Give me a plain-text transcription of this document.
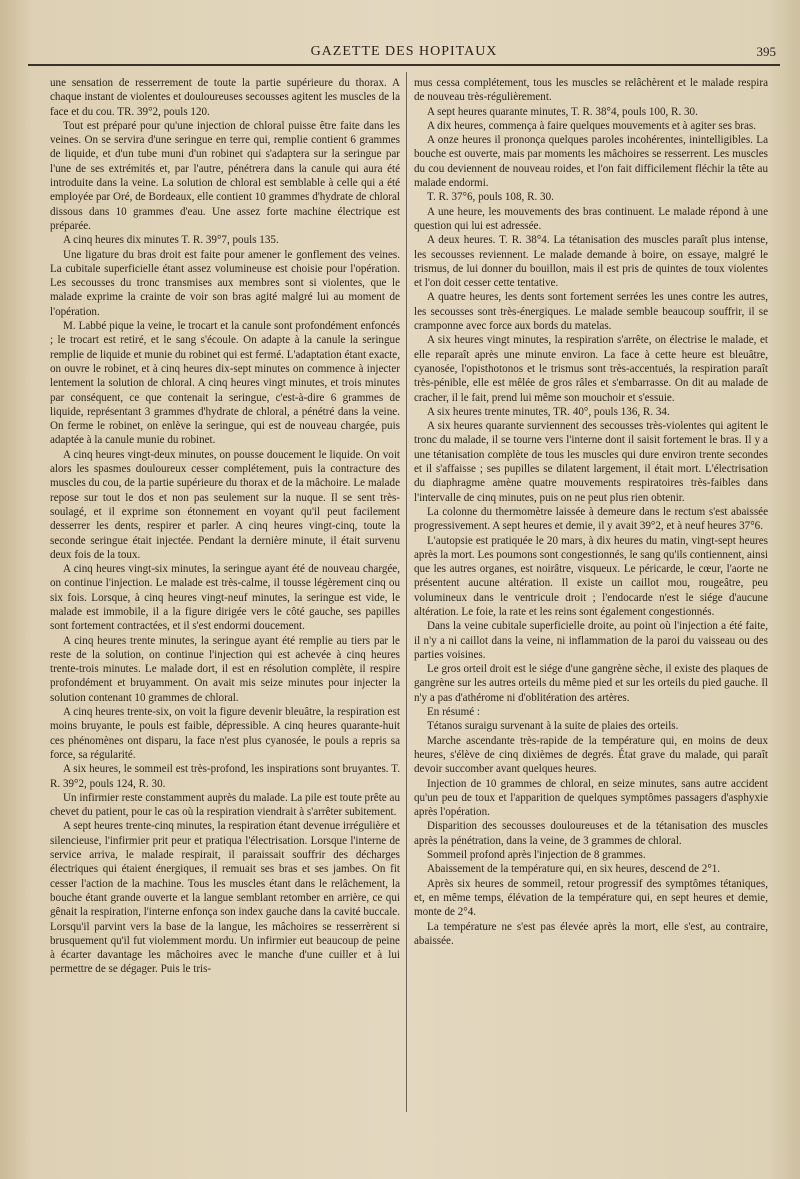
GAZETTE DES HOPITAUX	395

une sensation de resserrement de toute la partie supérieure du thorax. A chaque instant de violentes et douloureuses secousses agitent les muscles de la face et du cou. TR. 39°2, pouls 120.

Tout est préparé pour qu'une injection de chloral puisse être faite dans les veines. On se servira d'une seringue en terre qui, remplie contient 6 grammes de liquide, et d'un tube muni d'un robinet qui s'adaptera sur la seringue par l'une de ses extrémités et, par l'autre, pénétrera dans la canule qui aura été introduite dans la veine. La solution de chloral est semblable à celle qui a été employée par Oré, de Bordeaux, elle contient 10 grammes d'hydrate de chloral dissous dans 10 grammes d'eau. Une assez forte machine électrique est préparée.

A cinq heures dix minutes T. R. 39°7, pouls 135.

Une ligature du bras droit est faite pour amener le gonflement des veines. La cubitale superficielle étant assez volumineuse est choisie pour l'opération. Les secousses du tronc transmises aux membres sont si violentes, que le malade exprime la crainte de voir son bras agité malgré lui au moment de l'opération.

M. Labbé pique la veine, le trocart et la canule sont profondément enfoncés ; le trocart est retiré, et le sang s'écoule. On adapte à la canule la seringue remplie de liquide et munie du robinet qui est fermé. L'adaptation étant exacte, on ouvre le robinet, et à cinq heures dix-sept minutes on commence à injecter lentement la solution de chloral. A cinq heures vingt minutes, et trois minutes par conséquent, ce que contenait la seringue, c'est-à-dire 6 grammes de liquide, représentant 3 grammes d'hydrate de chloral, a pénétré dans la veine. On ferme le robinet, on enlève la seringue, qui est de nouveau chargée, puis adaptée à la canule munie du robinet.

A cinq heures vingt-deux minutes, on pousse doucement le liquide. On voit alors les spasmes douloureux cesser complétement, puis la contracture des muscles du cou, de la partie supérieure du thorax et de la mâchoire. Le malade repose sur tout le dos et non pas seulement sur la nuque. Il se sent très-soulagé, et il exprime son étonnement en voyant qu'il peut facilement desserrer les dents, respirer et parler. A cinq heures vingt-cinq, toute la seconde seringue était injectée. Pendant la dernière minute, il était survenu deux fois de la toux.

A cinq heures vingt-six minutes, la seringue ayant été de nouveau chargée, on continue l'injection. Le malade est très-calme, il tousse légèrement cinq ou six fois. Lorsque, à cinq heures vingt-neuf minutes, la seringue est vide, le malade est immobile, il a la figure dirigée vers le côté gauche, ses papilles sont fortement contractées, et il s'est endormi doucement.

A cinq heures trente minutes, la seringue ayant été remplie au tiers par le reste de la solution, on continue l'injection qui est achevée à cinq heures trente-trois minutes. Le malade dort, il est en résolution complète, il respire profondément et bruyamment. On avait mis seize minutes pour injecter la solution contenant 10 grammes de chloral.

A cinq heures trente-six, on voit la figure devenir bleuâtre, la respiration est moins bruyante, le pouls est faible, dépressible. A cinq heures quarante-huit ces phénomènes ont disparu, la face n'est plus cyanosée, le pouls a repris sa force, sa régularité.

A six heures, le sommeil est très-profond, les inspirations sont bruyantes. T. R. 39°2, pouls 124, R. 30.

Un infirmier reste constamment auprès du malade. La pile est toute prête au chevet du patient, pour le cas où la respiration viendrait à s'arrêter subitement.

A sept heures trente-cinq minutes, la respiration étant devenue irrégulière et silencieuse, l'infirmier prit peur et pratiqua l'électrisation. Lorsque l'interne de service arriva, le malade respirait, il paraissait souffrir des décharges électriques qui étaient énergiques, il remuait ses bras et ses jambes. On fit cesser l'action de la machine. Tous les muscles étant dans le relâchement, la bouche étant grande ouverte et la langue semblant retomber en arrière, ce qui gênait la respiration, l'interne enfonça son index gauche dans la cavité buccale. Lorsqu'il parvint vers la base de la langue, les mâchoires se resserrèrent si brusquement qu'il fut violemment mordu. Un infirmier eut beaucoup de peine à écarter davantage les mâchoires avec le manche d'une cuiller et à lui permettre de se dégager. Puis le tris-

mus cessa complétement, tous les muscles se relâchèrent et le malade respira de nouveau très-régulièrement.

A sept heures quarante minutes, T. R. 38°4, pouls 100, R. 30.

A dix heures, commença à faire quelques mouvements et à agiter ses bras.

A onze heures il prononça quelques paroles incohérentes, inintelligibles. La bouche est ouverte, mais par moments les mâchoires se resserrent. Les muscles du cou deviennent de nouveau roides, et l'on fait difficilement fléchir la tête au malade endormi.

T. R. 37°6, pouls 108, R. 30.

A une heure, les mouvements des bras continuent. Le malade répond à une question qui lui est adressée.

A deux heures. T. R. 38°4. La tétanisation des muscles paraît plus intense, les secousses reviennent. Le malade demande à boire, on essaye, malgré le trismus, de lui donner du bouillon, mais il est pris de quintes de toux violentes et l'on doit cesser cette tentative.

A quatre heures, les dents sont fortement serrées les unes contre les autres, les secousses sont très-énergiques. Le malade semble beaucoup souffrir, il se cramponne avec force aux bords du matelas.

A six heures vingt minutes, la respiration s'arrête, on électrise le malade, et elle reparaît après une minute environ. La face à cette heure est bleuâtre, cyanosée, l'opisthotonos et le trismus sont très-accentués, la respiration paraît très-pénible, elle est mêlée de gros râles et s'embarrasse. On dit au malade de cracher, il le fait, prend lui même son mouchoir et s'essuie.

A six heures trente minutes, TR. 40°, pouls 136, R. 34.

A six heures quarante surviennent des secousses très-violentes qui agitent le tronc du malade, il se tourne vers l'interne dont il saisit fortement le bras. Il y a une tétanisation complète de tous les muscles qui dure environ trente secondes et il s'affaisse ; ses pupilles se dilatent largement, il était mort. L'électrisation du diaphragme amène quatre mouvements respiratoires très-faibles dans l'intervalle de cinq minutes, puis on ne peut plus rien obtenir.

La colonne du thermomètre laissée à demeure dans le rectum s'est abaissée progressivement. A sept heures et demie, il y avait 39°2, et à neuf heures 37°6.

L'autopsie est pratiquée le 20 mars, à dix heures du matin, vingt-sept heures après la mort. Les poumons sont congestionnés, le sang qu'ils contiennent, ainsi que les autres organes, est noirâtre, visqueux. Le péricarde, le cœur, l'aorte ne présentent aucune altération. Il existe un caillot mou, rougeâtre, peu volumineux dans le ventricule droit ; l'endocarde n'est le siége d'aucune altération. Le foie, la rate et les reins sont également congestionnés.

Dans la veine cubitale superficielle droite, au point où l'injection a été faite, il n'y a ni caillot dans la veine, ni inflammation de la paroi du vaisseau ou des parties voisines.

Le gros orteil droit est le siége d'une gangrène sèche, il existe des plaques de gangrène sur les autres orteils du même pied et sur les orteils du pied gauche. Il n'y a pas d'athérome ni d'oblitération des artères.

En résumé :

Tétanos suraigu survenant à la suite de plaies des orteils.

Marche ascendante très-rapide de la température qui, en moins de deux heures, s'élève de cinq dixièmes de degrés. État grave du malade, qui paraît devoir succomber avant quelques heures.

Injection de 10 grammes de chloral, en seize minutes, sans autre accident qu'un peu de toux et l'apparition de quelques symptômes passagers d'asphyxie après l'opération.

Disparition des secousses douloureuses et de la tétanisation des muscles après la pénétration, dans la veine, de 3 grammes de chloral.

Sommeil profond après l'injection de 8 grammes.

Abaissement de la température qui, en six heures, descend de 2°1.

Après six heures de sommeil, retour progressif des symptômes tétaniques, et, en même temps, élévation de la température qui, en sept heures et demie, monte de 2°4.

La température ne s'est pas élevée après la mort, elle s'est, au contraire, abaissée.
